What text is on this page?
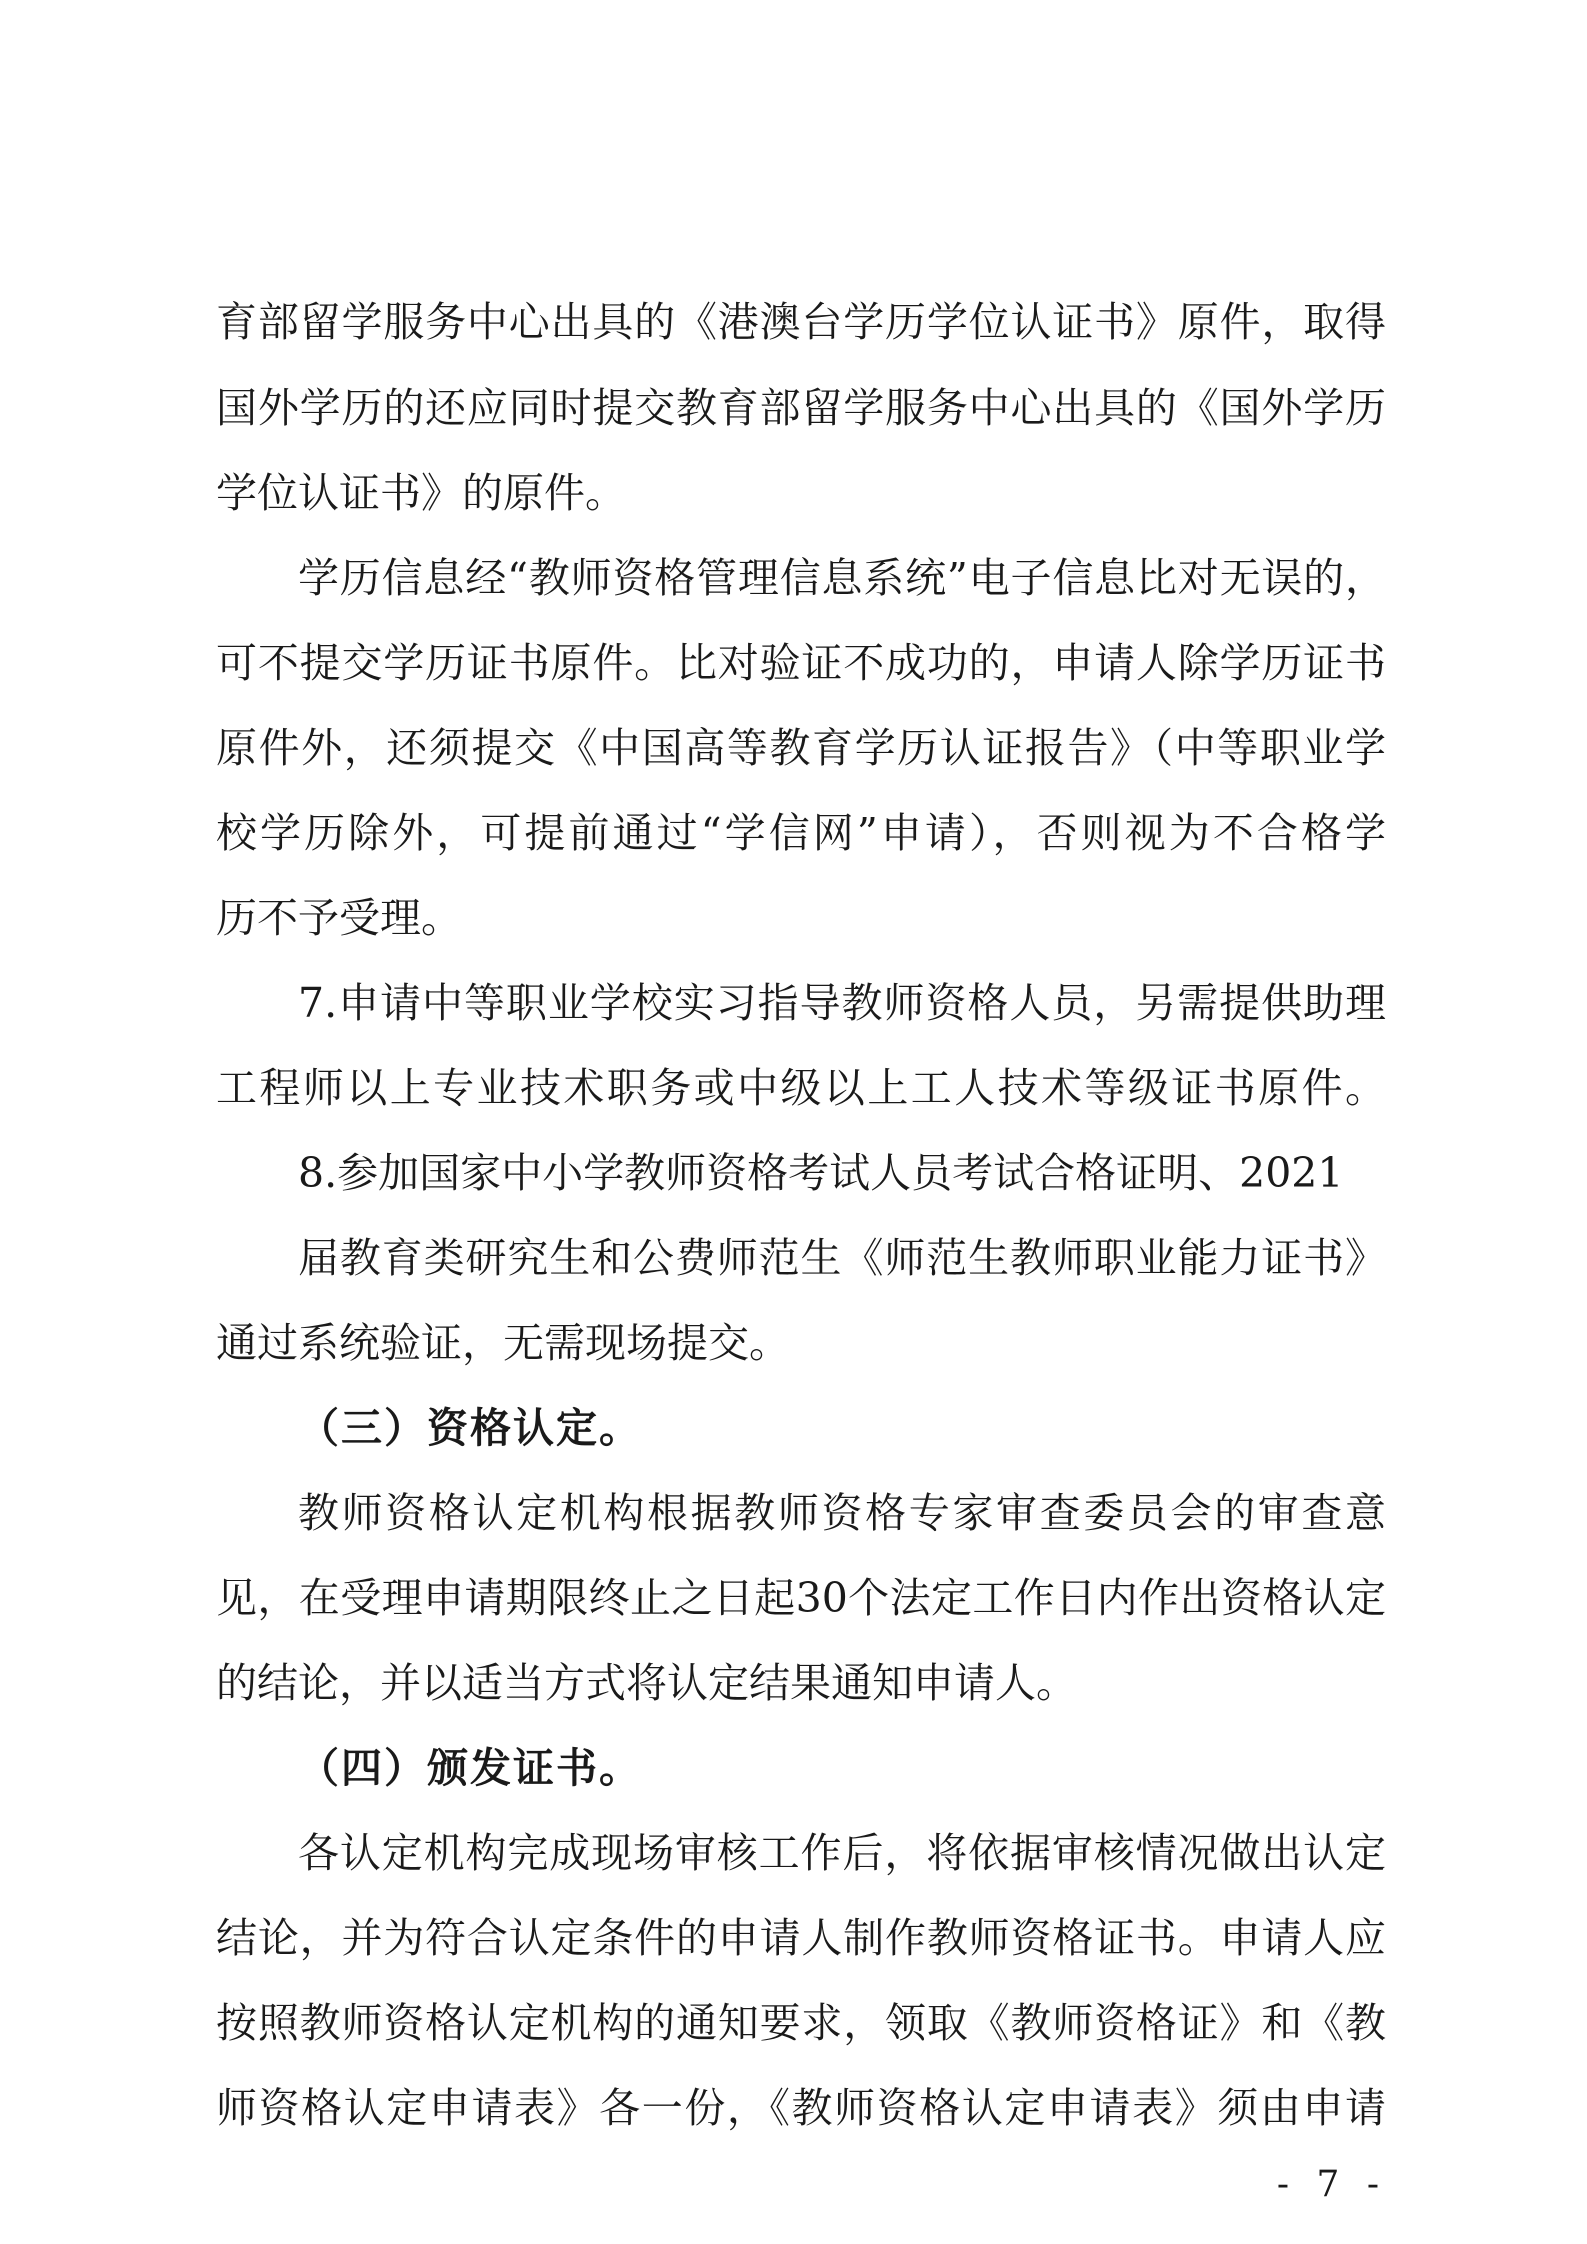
育部留学服务中心出具的《港澳台学历学位认证书》原件，取得
国外学历的还应同时提交教育部留学服务中心出具的《国外学历
学位认证书》的原件。
学历信息经“教师资格管理信息系统”电子信息比对无误的，
可不提交学历证书原件。比对验证不成功的，申请人除学历证书
原件外，还须提交《中国高等教育学历认证报告》（中等职业学
校学历除外，可提前通过“学信网”申请），否则视为不合格学
历不予受理。
7.申请中等职业学校实习指导教师资格人员，另需提供助理
工程师以上专业技术职务或中级以上工人技术等级证书原件。
8.参加国家中小学教师资格考试人员考试合格证明、2021
届教育类研究生和公费师范生《师范生教师职业能力证书》
通过系统验证，无需现场提交。
（三）资格认定。
教师资格认定机构根据教师资格专家审查委员会的审查意
见，在受理申请期限终止之日起30个法定工作日内作出资格认定
的结论，并以适当方式将认定结果通知申请人。
（四）颁发证书。
各认定机构完成现场审核工作后，将依据审核情况做出认定
结论，并为符合认定条件的申请人制作教师资格证书。申请人应
按照教师资格认定机构的通知要求，领取《教师资格证》和《教
师资格认定申请表》各一份，《教师资格认定申请表》须由申请
- 7 -
